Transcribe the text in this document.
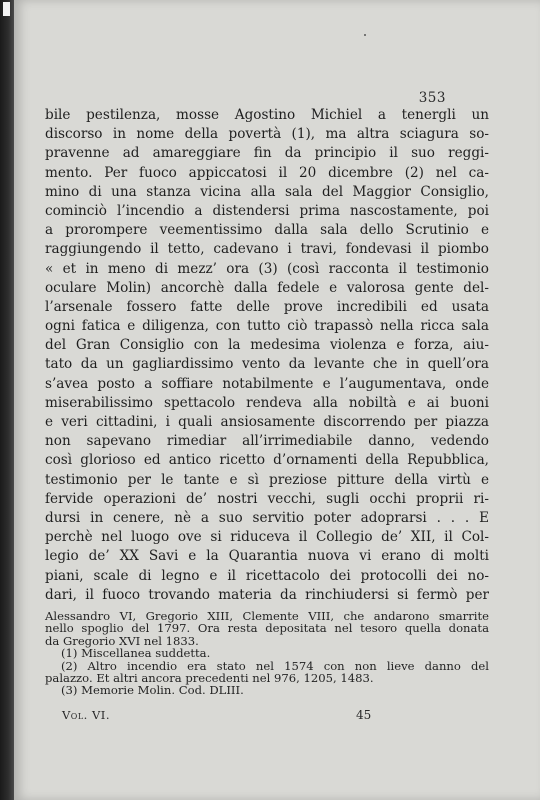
353
bile pestilenza, mosse Agostino Michiel a tenergli un
discorso in nome della povertà (1), ma altra sciagura so-
pravenne ad amareggiare fin da principio il suo reggi-
mento. Per fuoco appiccatosi il 20 dicembre (2) nel ca-
mino di una stanza vicina alla sala del Maggior Consiglio,
cominciò l’incendio a distendersi prima nascostamente, poi
a prorompere veementissimo dalla sala dello Scrutinio e
raggiungendo il tetto, cadevano i travi, fondevasi il piombo
« et in meno di mezz’ ora (3) (così racconta il testimonio
oculare Molin) ancorchè dalla fedele e valorosa gente del-
l’arsenale fossero fatte delle prove incredibili ed usata
ogni fatica e diligenza, con tutto ciò trapassò nella ricca sala
del Gran Consiglio con la medesima violenza e forza, aiu-
tato da un gagliardissimo vento da levante che in quell’ora
s’avea posto a soffiare notabilmente e l’augumentava, onde
miserabilissimo spettacolo rendeva alla nobiltà e ai buoni
e veri cittadini, i quali ansiosamente discorrendo per piazza
non sapevano rimediar all’irrimediabile danno, vedendo
così glorioso ed antico ricetto d’ornamenti della Repubblica,
testimonio per le tante e sì preziose pitture della virtù e
fervide operazioni de’ nostri vecchi, sugli occhi proprii ri-
dursi in cenere, nè a suo servitio poter adoprarsi . . . E
perchè nel luogo ove si riduceva il Collegio de’ XII, il Col-
legio de’ XX Savi e la Quarantia nuova vi erano di molti
piani, scale di legno e il ricettacolo dei protocolli dei no-
dari, il fuoco trovando materia da rinchiudersi si fermò per
Alessandro VI, Gregorio XIII, Clemente VIII, che andarono smarrite
nello spoglio del 1797. Ora resta depositata nel tesoro quella donata
da Gregorio XVI nel 1833.
(1) Miscellanea suddetta.
(2) Altro incendio era stato nel 1574 con non lieve danno del
palazzo. Et altri ancora precedenti nel 976, 1205, 1483.
(3) Memorie Molin. Cod. DLIII.
Vol. VI.	45
